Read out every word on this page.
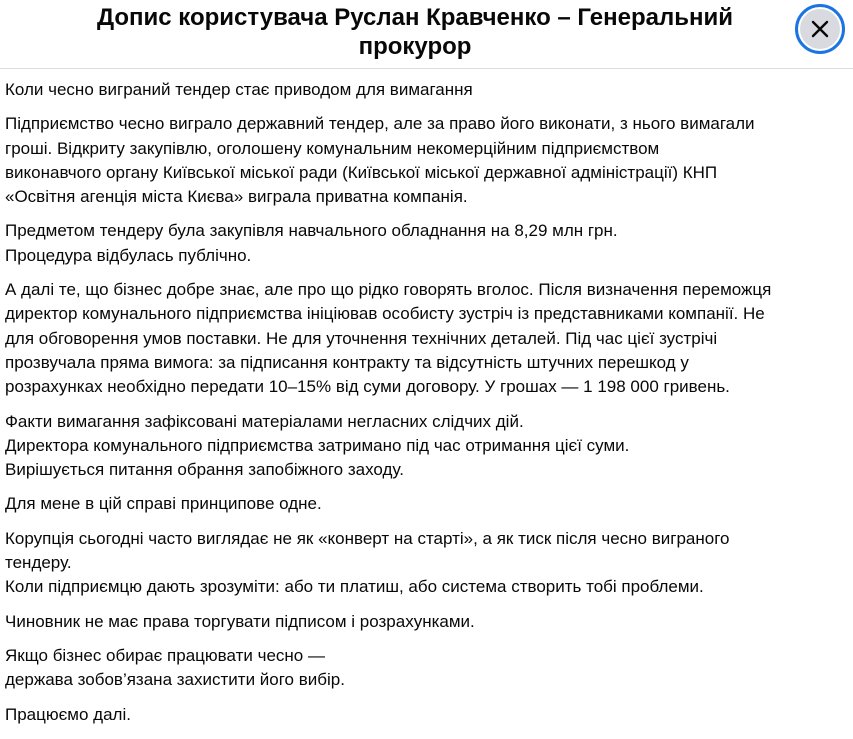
Допис користувача Руслан Кравченко – Генеральний
прокурор

Коли чесно виграний тендер стає приводом для вимагання

Підприємство чесно виграло державний тендер, але за право його виконати, з нього вимагали
гроші. Відкриту закупівлю, оголошену комунальним некомерційним підприємством
виконавчого органу Київської міської ради (Київської міської державної адміністрації) КНП
«Освітня агенція міста Києва» виграла приватна компанія.

Предметом тендеру була закупівля навчального обладнання на 8,29 млн грн.
Процедура відбулась публічно.

А далі те, що бізнес добре знає, але про що рідко говорять вголос. Після визначення переможця
директор комунального підприємства ініціював особисту зустріч із представниками компанії. Не
для обговорення умов поставки. Не для уточнення технічних деталей. Під час цієї зустрічі
прозвучала пряма вимога: за підписання контракту та відсутність штучних перешкод у
розрахунках необхідно передати 10–15% від суми договору. У грошах — 1 198 000 гривень.

Факти вимагання зафіксовані матеріалами негласних слідчих дій.
Директора комунального підприємства затримано під час отримання цієї суми.
Вирішується питання обрання запобіжного заходу.

Для мене в цій справі принципове одне.

Корупція сьогодні часто виглядає не як «конверт на старті», а як тиск після чесно виграного
тендеру.
Коли підприємцю дають зрозуміти: або ти платиш, або система створить тобі проблеми.

Чиновник не має права торгувати підписом і розрахунками.

Якщо бізнес обирає працювати чесно —
держава зобов’язана захистити його вибір.

Працюємо далі.
